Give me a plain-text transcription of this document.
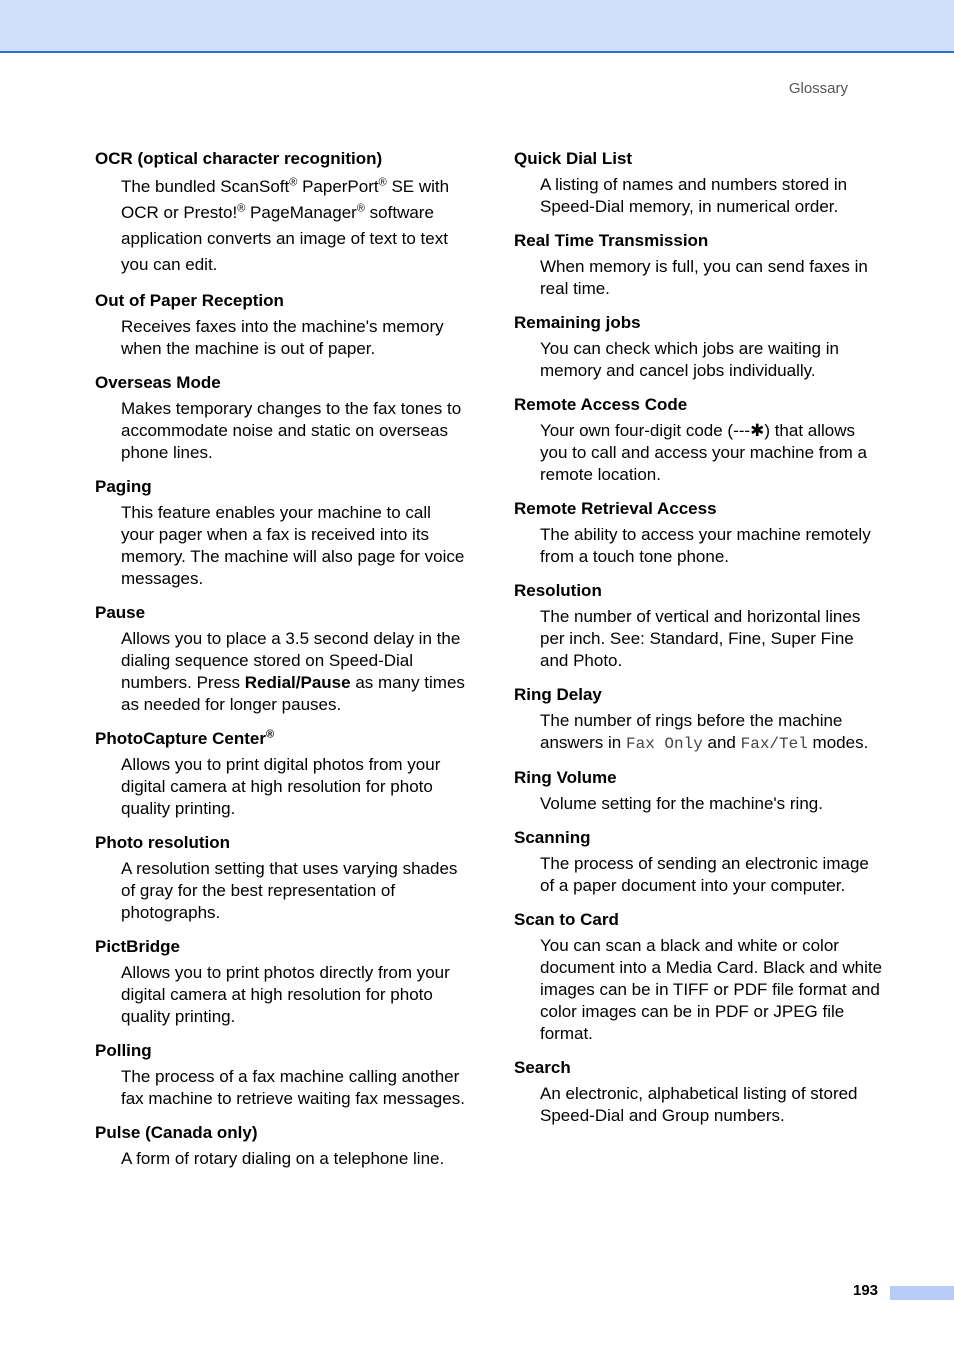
Glossary
OCR (optical character recognition)
The bundled ScanSoft® PaperPort® SE with OCR or Presto!® PageManager® software application converts an image of text to text you can edit.
Out of Paper Reception
Receives faxes into the machine's memory when the machine is out of paper.
Overseas Mode
Makes temporary changes to the fax tones to accommodate noise and static on overseas phone lines.
Paging
This feature enables your machine to call your pager when a fax is received into its memory. The machine will also page for voice messages.
Pause
Allows you to place a 3.5 second delay in the dialing sequence stored on Speed-Dial numbers. Press Redial/Pause as many times as needed for longer pauses.
PhotoCapture Center®
Allows you to print digital photos from your digital camera at high resolution for photo quality printing.
Photo resolution
A resolution setting that uses varying shades of gray for the best representation of photographs.
PictBridge
Allows you to print photos directly from your digital camera at high resolution for photo quality printing.
Polling
The process of a fax machine calling another fax machine to retrieve waiting fax messages.
Pulse (Canada only)
A form of rotary dialing on a telephone line.
Quick Dial List
A listing of names and numbers stored in Speed-Dial memory, in numerical order.
Real Time Transmission
When memory is full, you can send faxes in real time.
Remaining jobs
You can check which jobs are waiting in memory and cancel jobs individually.
Remote Access Code
Your own four-digit code (---✱) that allows you to call and access your machine from a remote location.
Remote Retrieval Access
The ability to access your machine remotely from a touch tone phone.
Resolution
The number of vertical and horizontal lines per inch. See: Standard, Fine, Super Fine and Photo.
Ring Delay
The number of rings before the machine answers in Fax Only and Fax/Tel modes.
Ring Volume
Volume setting for the machine's ring.
Scanning
The process of sending an electronic image of a paper document into your computer.
Scan to Card
You can scan a black and white or color document into a Media Card. Black and white images can be in TIFF or PDF file format and color images can be in PDF or JPEG file format.
Search
An electronic, alphabetical listing of stored Speed-Dial and Group numbers.
193
